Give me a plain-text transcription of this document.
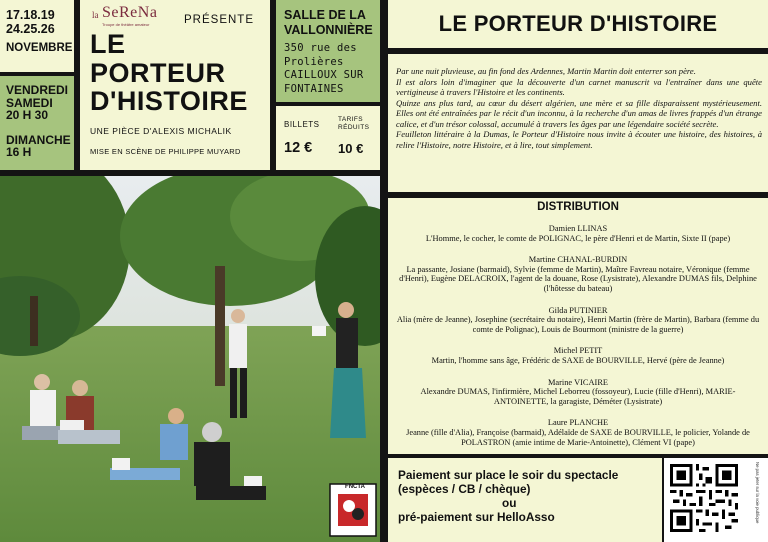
17.18.19
24.25.26
NOVEMBRE
VENDREDI
SAMEDI
20 H 30
DIMANCHE
16 H
la SeReNa
Troupe de théâtre amateur	PRÉSENTE
LE
PORTEUR
D'HISTOIRE
UNE PIÈCE D'ALEXIS MICHALIK
MISE EN SCÈNE DE PHILIPPE MUYARD
SALLE DE LA
VALLONNIÈRE
350 rue des
Prolières
CAILLOUX SUR
FONTAINES
BILLETS
TARIFS
RÉDUITS
12 € 10 €
LE PORTEUR D'HISTOIRE

Par une nuit pluvieuse, au fin fond des Ardennes, Martin Martin doit enterrer son père.

Il est alors loin d'imaginer que la découverte d'un carnet manuscrit va l'entraîner dans une quête vertigineuse à travers l'Histoire et les continents.

Quinze ans plus tard, au cœur du désert algérien, une mère et sa fille disparaissent mystérieusement. Elles ont été entraînées par le récit d'un inconnu, à la recherche d'un amas de livres frappés d'un étrange calice, et d'un trésor colossal, accumulé à travers les âges par une légendaire société secrète.

Feuilleton littéraire à la Dumas, le Porteur d'Histoire nous invite à écouter une histoire, des histoires, à relire l'Histoire, notre Histoire, et à lire, tout simplement.

DISTRIBUTION
Damien LLINAS
L'Homme, le cocher, le comte de POLIGNAC, le père d'Henri et de Martin, Sixte II (pape)
Martine CHANAL-BURDIN
La passante, Josiane (barmaid), Sylvie (femme de Martin), Maître Favreau notaire, Véronique (femme d'Henri), Eugène DELACROIX, l'agent de la douane, Rose (Lysistrate), Alexandre DUMAS fils, Delphine (l'hôtesse du bateau)
Gilda PUTINIER
Alia (mère de Jeanne), Josephine (secrétaire du notaire), Henri Martin (frère de Martin), Barbara (femme du comte de Polignac), Louis de Bourmont (ministre de la guerre)
Michel PETIT
Martin, l'homme sans âge, Frédéric de SAXE de BOURVILLE, Hervé (père de Jeanne)
Marine VICAIRE
Alexandre DUMAS, l'infirmière, Michel Leborreu (fossoyeur), Lucie (fille d'Henri), MARIE-ANTOINETTE, la garagiste, Déméter (Lysistrate)
Laure PLANCHE
Jeanne (fille d'Alia), Françoise (barmaid), Adélaïde de SAXE de BOURVILLE, le policier, Yolande de POLASTRON (amie intime de Marie-Antoinette), Clément VI (pape)
FNCTA
Paiement sur place le soir du spectacle
(espèces / CB / chèque)
ou
pré-paiement sur HelloAsso	Ne pas jeter sur la voie publique
